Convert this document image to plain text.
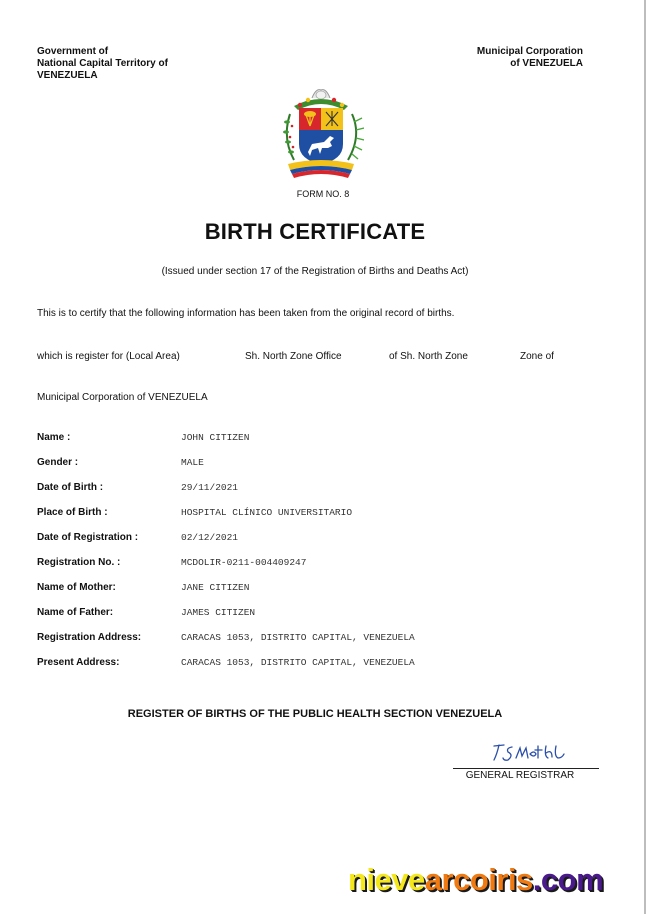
Government of
National Capital Territory of
VENEZUELA
Municipal Corporation
of VENEZUELA
FORM NO. 8
BIRTH CERTIFICATE
(Issued under section 17 of the Registration of Births and Deaths Act)
This is to certify that the following information has been taken from the original record of births.
which is register for (Local Area)	Sh. North Zone Office	of Sh. North Zone	Zone of
Municipal Corporation of VENEZUELA
Name :	JOHN CITIZEN
Gender :	MALE
Date of Birth :	29/11/2021
Place of Birth :	HOSPITAL CLÍNICO UNIVERSITARIO
Date of Registration :	02/12/2021
Registration No. :	MCDOLIR-0211-004409247
Name of Mother:	JANE CITIZEN
Name of Father:	JAMES CITIZEN
Registration Address:	CARACAS 1053, DISTRITO CAPITAL, VENEZUELA
Present Address:	CARACAS 1053, DISTRITO CAPITAL, VENEZUELA
REGISTER OF BIRTHS OF THE PUBLIC HEALTH SECTION VENEZUELA
GENERAL REGISTRAR
nievearcoiris.com
